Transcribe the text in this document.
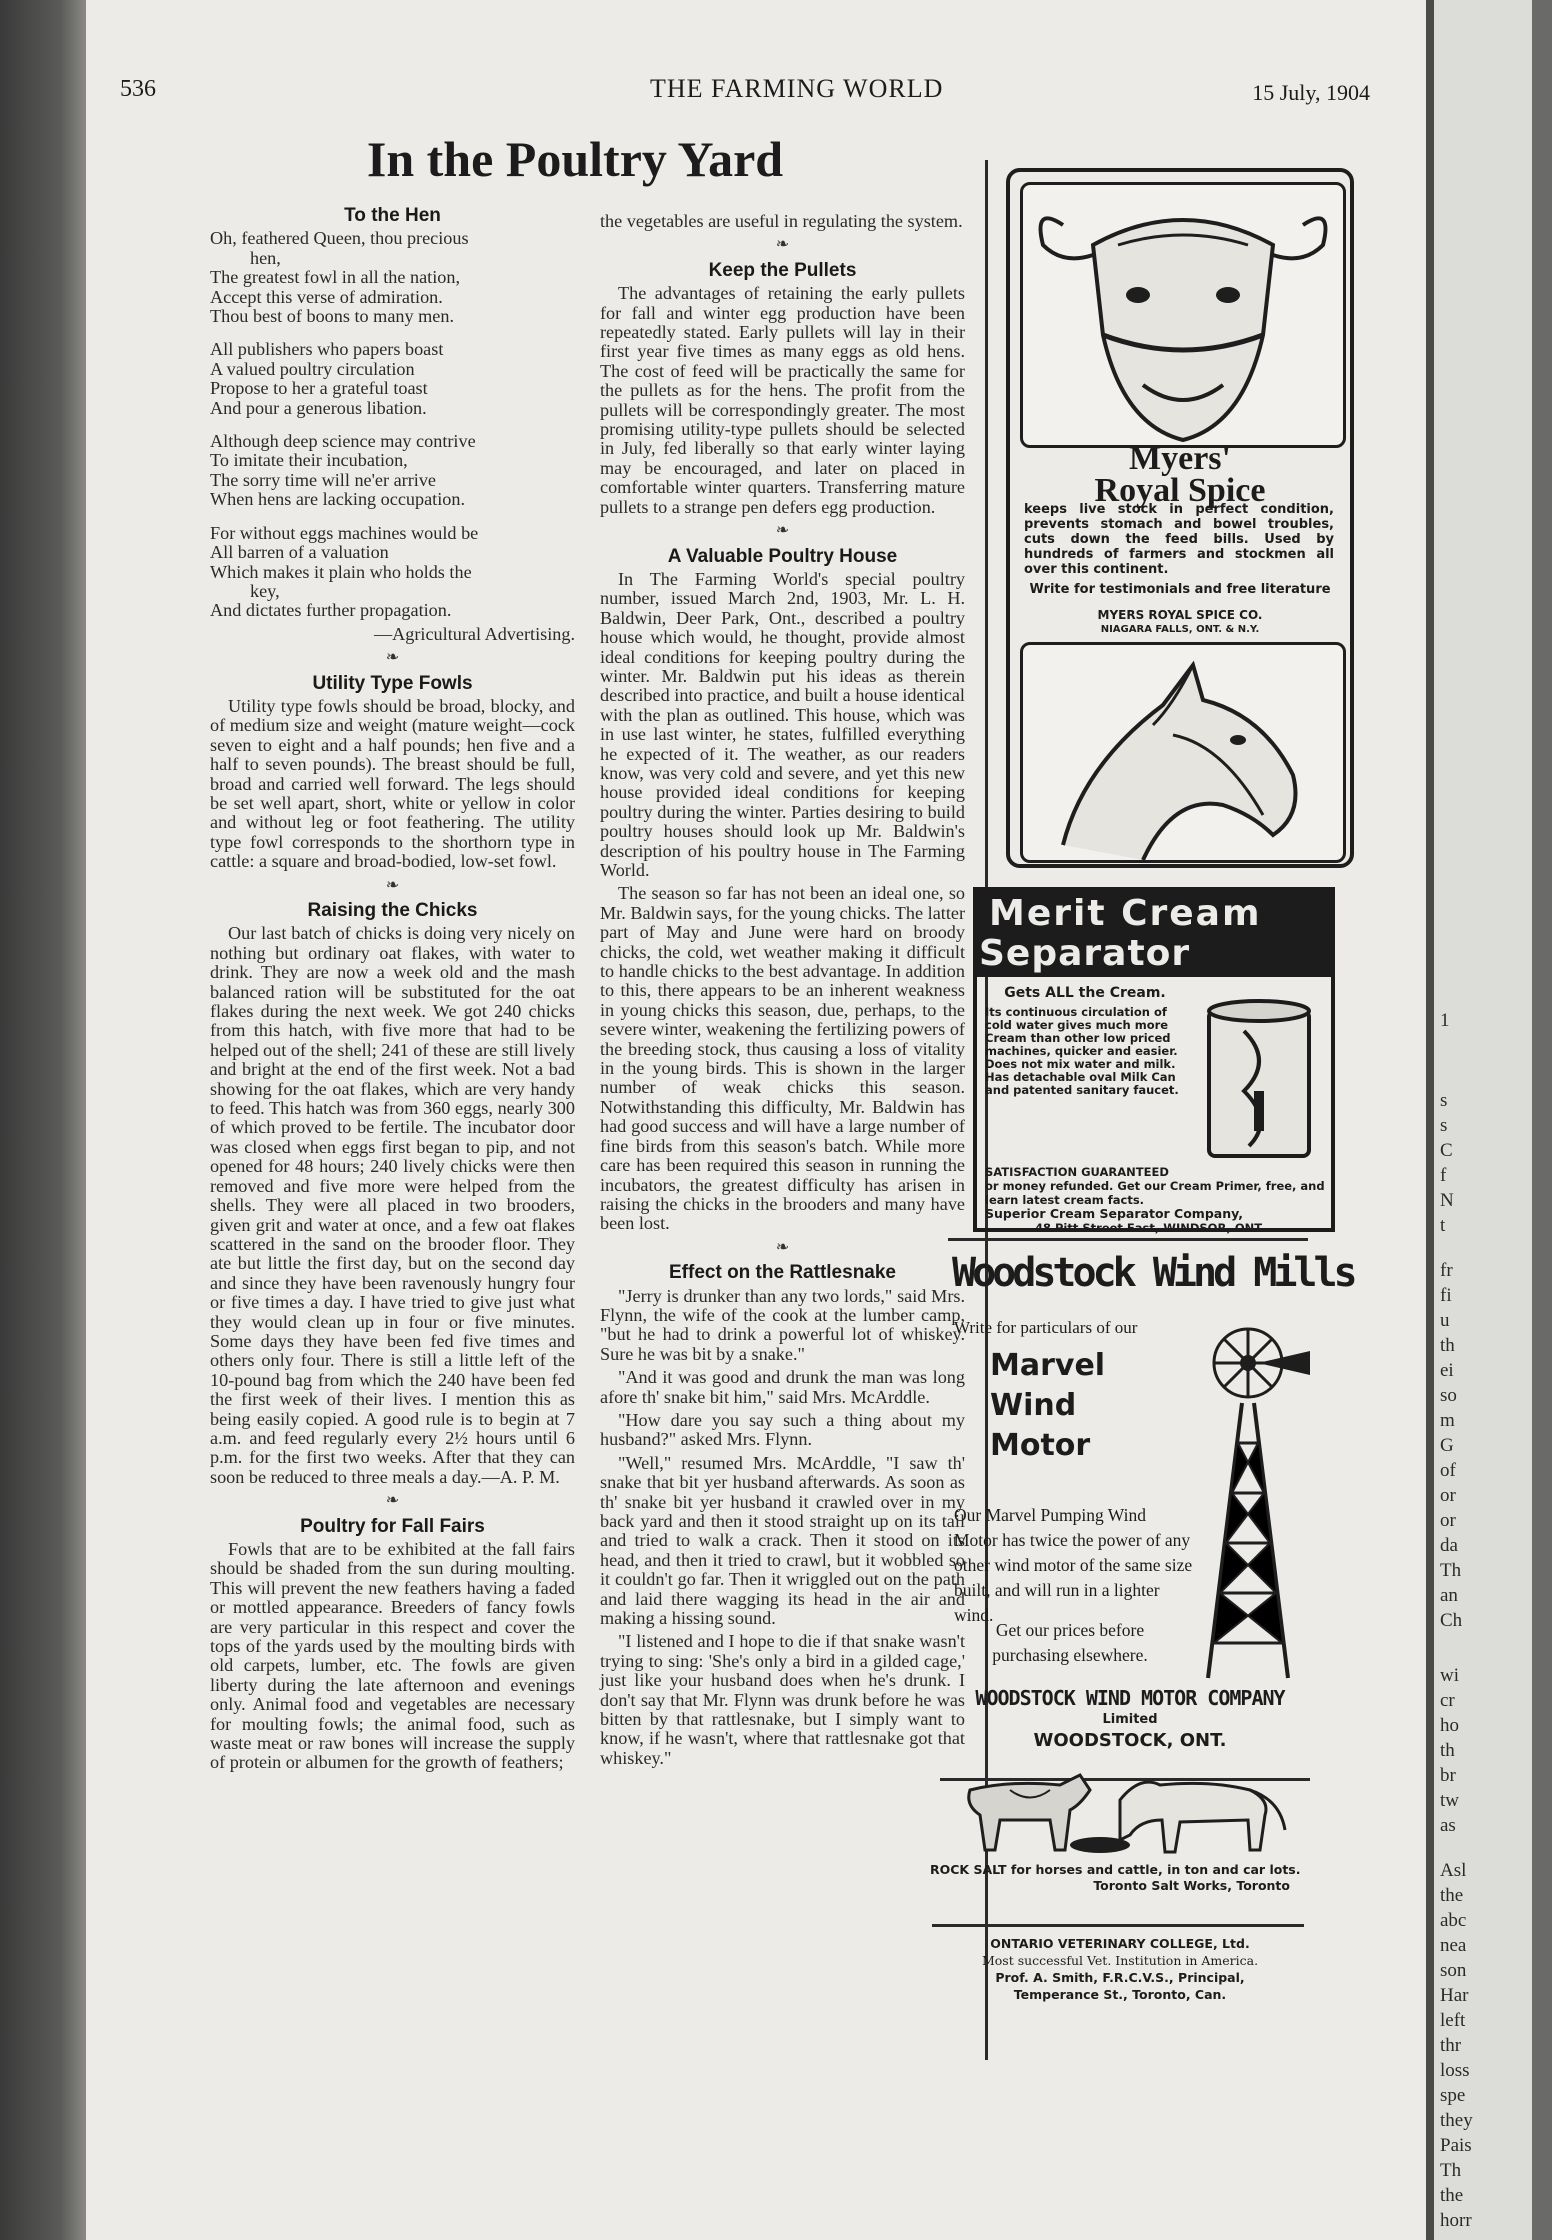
536	THE FARMING WORLD	15 July, 1904
In the Poultry Yard
To the Hen
Oh, feathered Queen, thou precious
hen,
The greatest fowl in all the nation,
Accept this verse of admiration.
Thou best of boons to many men.
All publishers who papers boast
A valued poultry circulation
Propose to her a grateful toast
And pour a generous libation.
Although deep science may contrive
To imitate their incubation,
The sorry time will ne'er arrive
When hens are lacking occupation.
For without eggs machines would be
All barren of a valuation
Which makes it plain who holds the
key,
And dictates further propagation.
—Agricultural Advertising.
❧
Utility Type Fowls

Utility type fowls should be broad, blocky, and of medium size and weight (mature weight—cock seven to eight and a half pounds; hen five and a half to seven pounds). The breast should be full, broad and carried well forward. The legs should be set well apart, short, white or yellow in color and without leg or foot feathering. The utility type fowl corresponds to the shorthorn type in cattle: a square and broad-bodied, low-set fowl.

❧
Raising the Chicks

Our last batch of chicks is doing very nicely on nothing but ordinary oat flakes, with water to drink. They are now a week old and the mash balanced ration will be substituted for the oat flakes during the next week. We got 240 chicks from this hatch, with five more that had to be helped out of the shell; 241 of these are still lively and bright at the end of the first week. Not a bad showing for the oat flakes, which are very handy to feed. This hatch was from 360 eggs, nearly 300 of which proved to be fertile. The incubator door was closed when eggs first began to pip, and not opened for 48 hours; 240 lively chicks were then removed and five more were helped from the shells. They were all placed in two brooders, given grit and water at once, and a few oat flakes scattered in the sand on the brooder floor. They ate but little the first day, but on the second day and since they have been ravenously hungry four or five times a day. I have tried to give just what they would clean up in four or five minutes. Some days they have been fed five times and others only four. There is still a little left of the 10-pound bag from which the 240 have been fed the first week of their lives. I mention this as being easily copied. A good rule is to begin at 7 a.m. and feed regularly every 2½ hours until 6 p.m. for the first two weeks. After that they can soon be reduced to three meals a day.—A. P. M.

❧
Poultry for Fall Fairs

Fowls that are to be exhibited at the fall fairs should be shaded from the sun during moulting. This will prevent the new feathers having a faded or mottled appearance. Breeders of fancy fowls are very particular in this respect and cover the tops of the yards used by the moulting birds with old carpets, lumber, etc. The fowls are given liberty during the late afternoon and evenings only. Animal food and vegetables are necessary for moulting fowls; the animal food, such as waste meat or raw bones will increase the supply of protein or albumen for the growth of feathers;

the vegetables are useful in regulating the system.

❧
Keep the Pullets

The advantages of retaining the early pullets for fall and winter egg production have been repeatedly stated. Early pullets will lay in their first year five times as many eggs as old hens. The cost of feed will be practically the same for the pullets as for the hens. The profit from the pullets will be correspondingly greater. The most promising utility-type pullets should be selected in July, fed liberally so that early winter laying may be encouraged, and later on placed in comfortable winter quarters. Transferring mature pullets to a strange pen defers egg production.

❧
A Valuable Poultry House

In The Farming World's special poultry number, issued March 2nd, 1903, Mr. L. H. Baldwin, Deer Park, Ont., described a poultry house which would, he thought, provide almost ideal conditions for keeping poultry during the winter. Mr. Baldwin put his ideas as therein described into practice, and built a house identical with the plan as outlined. This house, which was in use last winter, he states, fulfilled everything he expected of it. The weather, as our readers know, was very cold and severe, and yet this new house provided ideal conditions for keeping poultry during the winter. Parties desiring to build poultry houses should look up Mr. Baldwin's description of his poultry house in The Farming World.

The season so far has not been an ideal one, so Mr. Baldwin says, for the young chicks. The latter part of May and June were hard on broody chicks, the cold, wet weather making it difficult to handle chicks to the best advantage. In addition to this, there appears to be an inherent weakness in young chicks this season, due, perhaps, to the severe winter, weakening the fertilizing powers of the breeding stock, thus causing a loss of vitality in the young birds. This is shown in the larger number of weak chicks this season. Notwithstanding this difficulty, Mr. Baldwin has had good success and will have a large number of fine birds from this season's batch. While more care has been required this season in running the incubators, the greatest difficulty has arisen in raising the chicks in the brooders and many have been lost.

❧
Effect on the Rattlesnake

"Jerry is drunker than any two lords," said Mrs. Flynn, the wife of the cook at the lumber camp, "but he had to drink a powerful lot of whiskey. Sure he was bit by a snake."

"And it was good and drunk the man was long afore th' snake bit him," said Mrs. McArddle.

"How dare you say such a thing about my husband?" asked Mrs. Flynn.

"Well," resumed Mrs. McArddle, "I saw th' snake that bit yer husband afterwards. As soon as th' snake bit yer husband it crawled over in my back yard and then it stood straight up on its tail and tried to walk a crack. Then it stood on its head, and then it tried to crawl, but it wobbled so it couldn't go far. Then it wriggled out on the path and laid there wagging its head in the air and making a hissing sound.

"I listened and I hope to die if that snake wasn't trying to sing: 'She's only a bird in a gilded cage,' just like your husband does when he's drunk. I don't say that Mr. Flynn was drunk before he was bitten by that rattlesnake, but I simply want to know, if he wasn't, where that rattlesnake got that whiskey."

Myers'
Royal Spice
keeps live stock in perfect condition, prevents stomach and bowel troubles, cuts down the feed bills. Used by hundreds of farmers and stockmen all over this continent.
Write for testimonials and free literature
MYERS ROYAL SPICE CO.
NIAGARA FALLS, ONT. & N.Y.
Merit Cream
Separator
Gets ALL the Cream.
Its continuous circulation of cold water gives much more Cream than other low priced machines, quicker and easier. Does not mix water and milk. Has detachable oval Milk Can and patented sanitary faucet.
SATISFACTION GUARANTEED
or money refunded. Get our Cream Primer, free, and learn latest cream facts.
Superior Cream Separator Company,
48 Pitt Street East, WINDSOR, ONT.
Woodstock Wind Mills
Write for particulars of our
Marvel
Wind
Motor
Our Marvel Pumping Wind Motor has twice the power of any other wind motor of the same size built, and will run in a lighter wind.
Get our prices before purchasing elsewhere.
WOODSTOCK WIND MOTOR COMPANY
Limited
WOODSTOCK, ONT.
ROCK SALT for horses and cattle, in ton and car lots.
Toronto Salt Works, Toronto
ONTARIO VETERINARY COLLEGE, Ltd.
Most successful Vet. Institution in America.
Prof. A. Smith, F.R.C.V.S., Principal,
Temperance St., Toronto, Can.
1
s
s
C
f
N
t
fr
fi
u
th
ei
so
m
G
of
or
or
da
Th
an
Ch
wi
cr
ho
th
br
tw
as
Asl
the
abc
nea
son
Har
left
thr
loss
spe
they
Pais
Th
the
horr
